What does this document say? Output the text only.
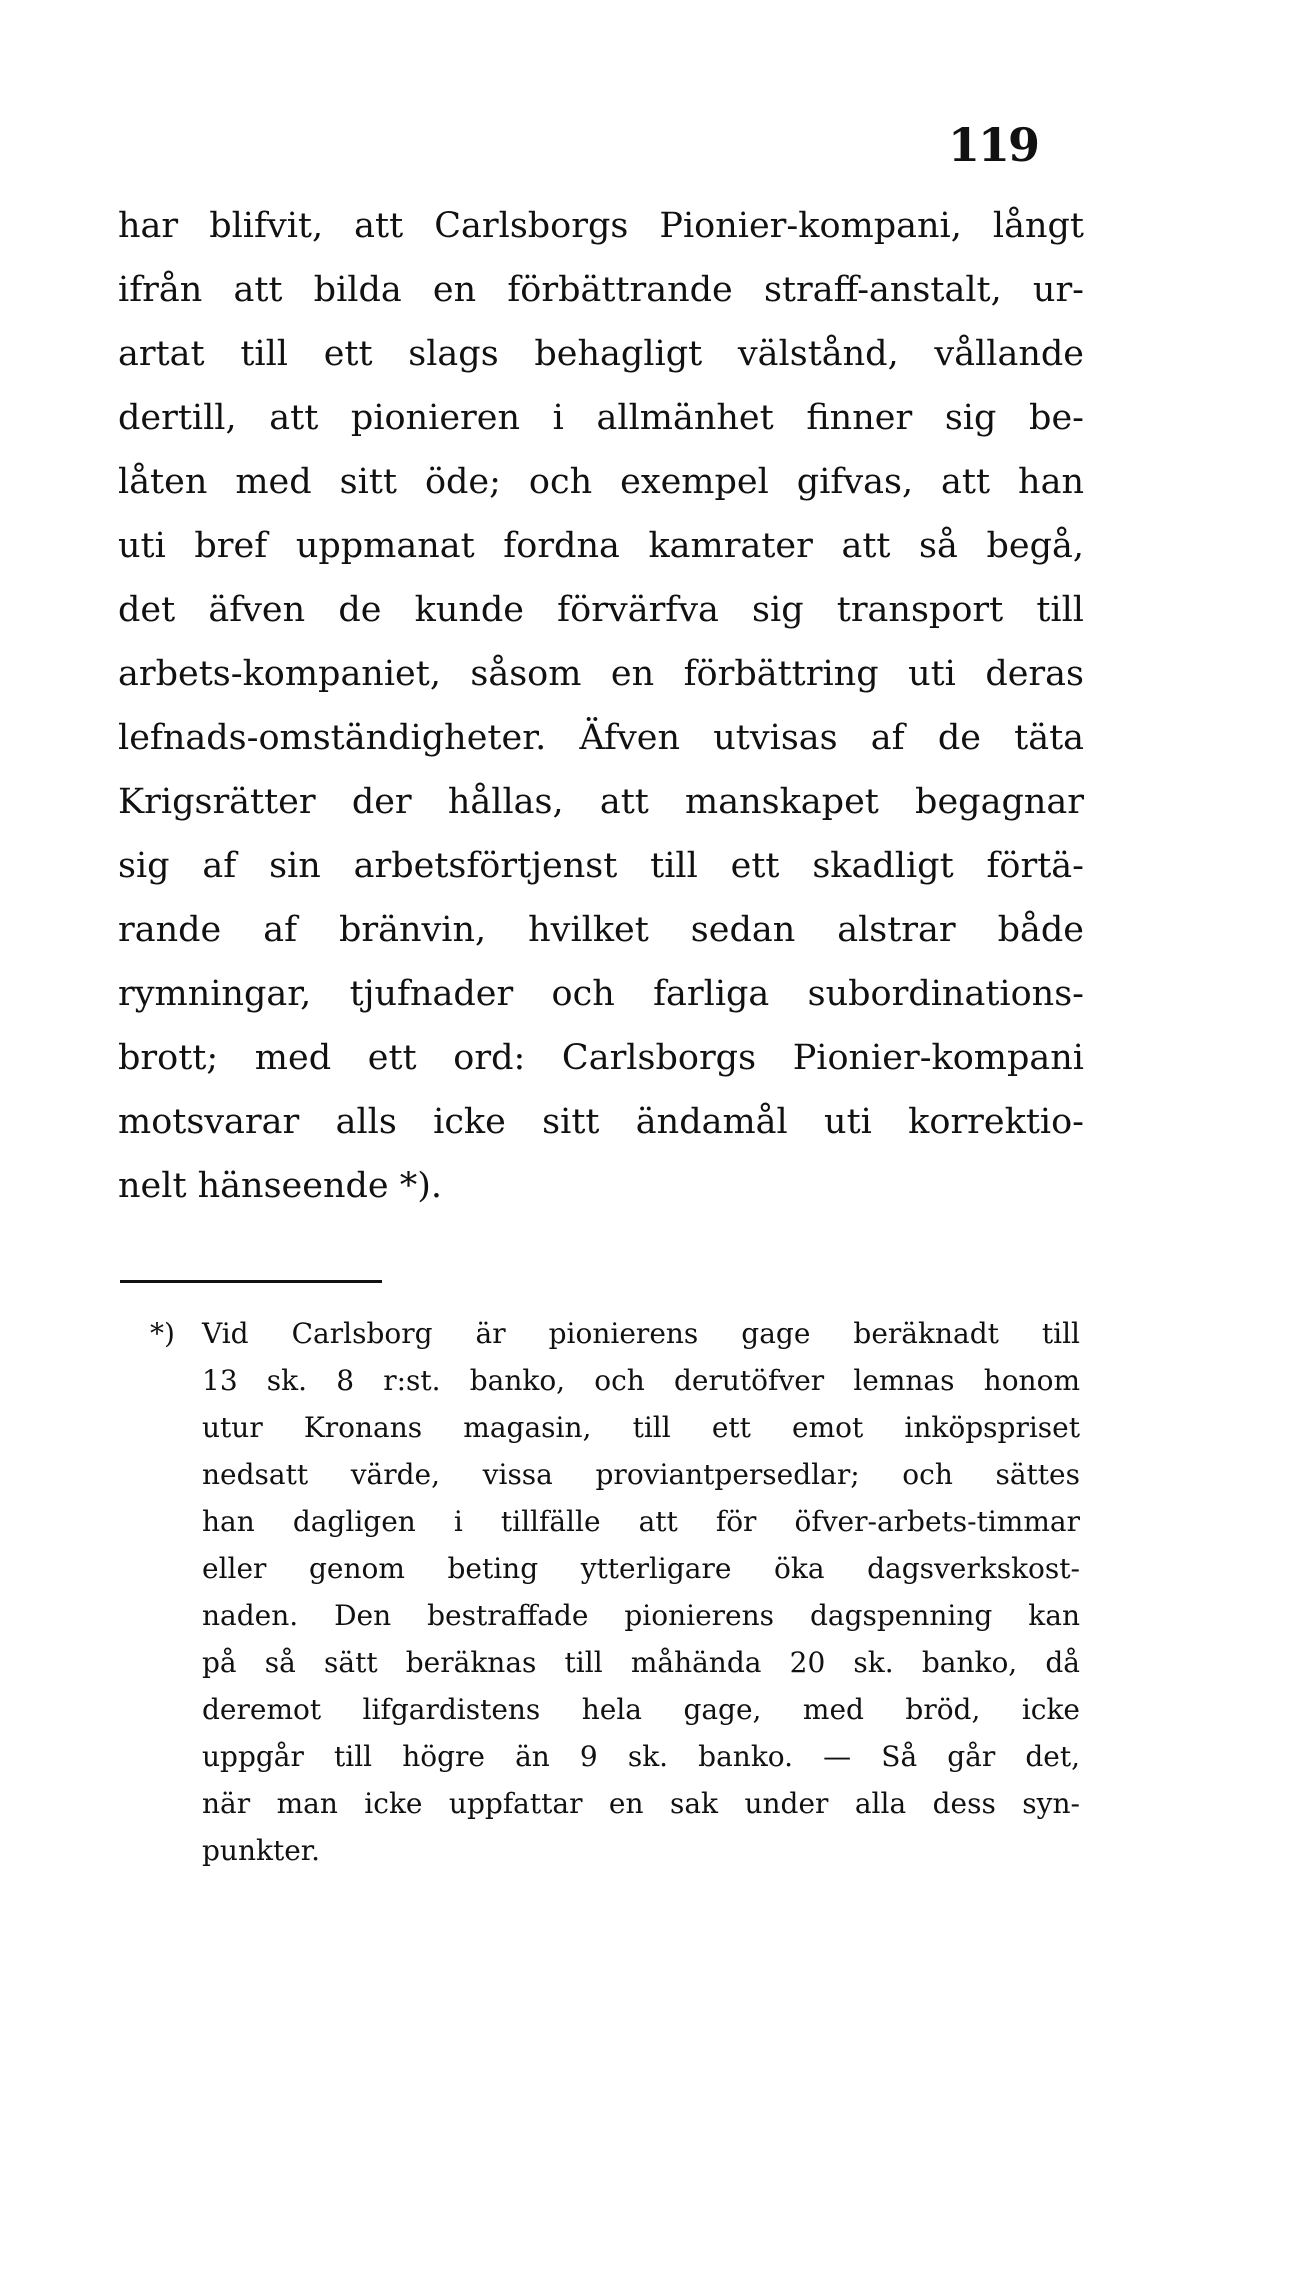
119
har blifvit, att Carlsborgs Pionier-kompani, långt
ifrån att bilda en förbättrande straff-anstalt, ur-
artat till ett slags behagligt välstånd, vållande
dertill, att pionieren i allmänhet finner sig be-
låten med sitt öde; och exempel gifvas, att han
uti bref uppmanat fordna kamrater att så begå,
det äfven de kunde förvärfva sig transport till
arbets-kompaniet, såsom en förbättring uti deras
lefnads-omständigheter. Äfven utvisas af de täta
Krigsrätter der hållas, att manskapet begagnar
sig af sin arbetsförtjenst till ett skadligt förtä-
rande af bränvin, hvilket sedan alstrar både
rymningar, tjufnader och farliga subordinations-
brott; med ett ord: Carlsborgs Pionier-kompani
motsvarar alls icke sitt ändamål uti korrektio-
nelt hänseende *).
*) Vid Carlsborg är pionierens gage beräknadt till
13 sk. 8 r:st. banko, och derutöfver lemnas honom
utur Kronans magasin, till ett emot inköpspriset
nedsatt värde, vissa proviantpersedlar; och sättes
han dagligen i tillfälle att för öfver-arbets-timmar
eller genom beting ytterligare öka dagsverkskost-
naden. Den bestraffade pionierens dagspenning kan
på så sätt beräknas till måhända 20 sk. banko, då
deremot lifgardistens hela gage, med bröd, icke
uppgår till högre än 9 sk. banko. — Så går det,
när man icke uppfattar en sak under alla dess syn-
punkter.
